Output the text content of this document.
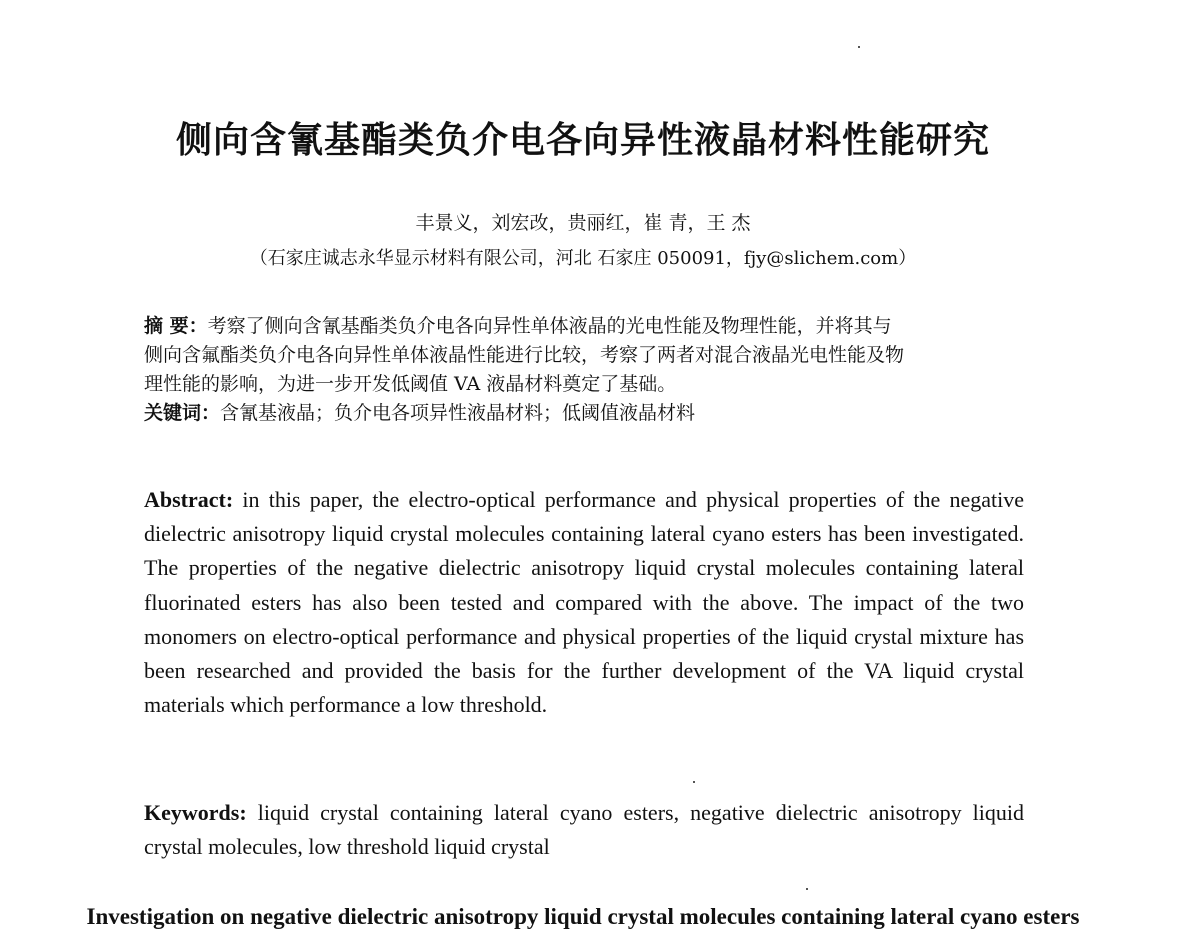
侧向含氰基酯类负介电各向异性液晶材料性能研究
丰景义，刘宏改，贵丽红，崔 青，王 杰
（石家庄诚志永华显示材料有限公司，河北 石家庄 050091，fjy@slichem.com）
摘 要：考察了侧向含氰基酯类负介电各向异性单体液晶的光电性能及物理性能，并将其与
侧向含氟酯类负介电各向异性单体液晶性能进行比较，考察了两者对混合液晶光电性能及物
理性能的影响，为进一步开发低阈值 VA 液晶材料奠定了基础。
关键词：含氰基液晶；负介电各项异性液晶材料；低阈值液晶材料
Abstract: in this paper, the electro-optical performance and physical properties of the negative dielectric anisotropy liquid crystal molecules containing lateral cyano esters has been investigated. The properties of the negative dielectric anisotropy liquid crystal molecules containing lateral fluorinated esters has also been tested and compared with the above. The impact of the two monomers on electro-optical performance and physical properties of the liquid crystal mixture has been researched and provided the basis for the further development of the VA liquid crystal materials which performance a low threshold.
Keywords: liquid crystal containing lateral cyano esters, negative dielectric anisotropy liquid crystal molecules, low threshold liquid crystal
Investigation on negative dielectric anisotropy liquid crystal molecules containing lateral cyano esters
